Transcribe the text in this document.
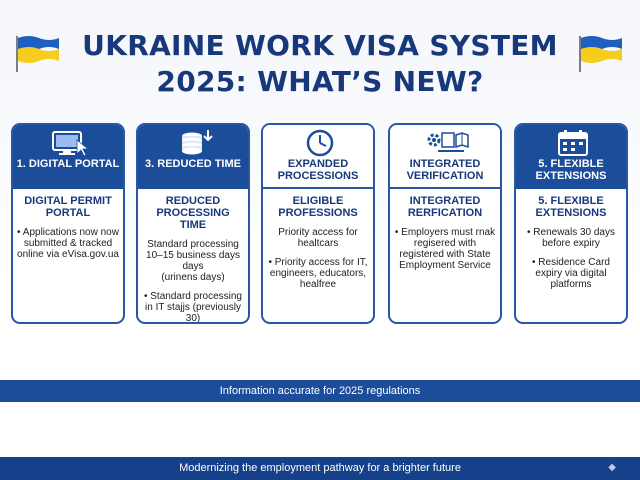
UKRAINE WORK VISA SYSTEM
2025: WHAT’S NEW?
1. DIGITAL PORTAL
DIGITAL PERMIT PORTAL
• Applications now now submitted & tracked online via eVisa.gov.ua
3. REDUCED TIME
REDUCED PROCESSING TIME
Standard processing 10–15 business days days
(urinens days)
• Standard processing in IT stаjjs (previously 30)
EXPANDED PROCESSIONS
ELIGIBLE PROFESSIONS
Priority access for healtсars
• Priority access for IT, engineers, educators, healfree
INTEGRATED VERIFICATION
INTEGRATED RERFICATION
• Employers must rnak regisered with registered with State Employment Service
5. FLEXIBLE EXTENSIONS
5. FLEXIBLE EXTENSIONS
• Renewals 30 days before expiry
• Residence Card expiry via digital platforms
Information accurate for 2025 regulations
Modernizing the employment pathway for a brighter future	◆
